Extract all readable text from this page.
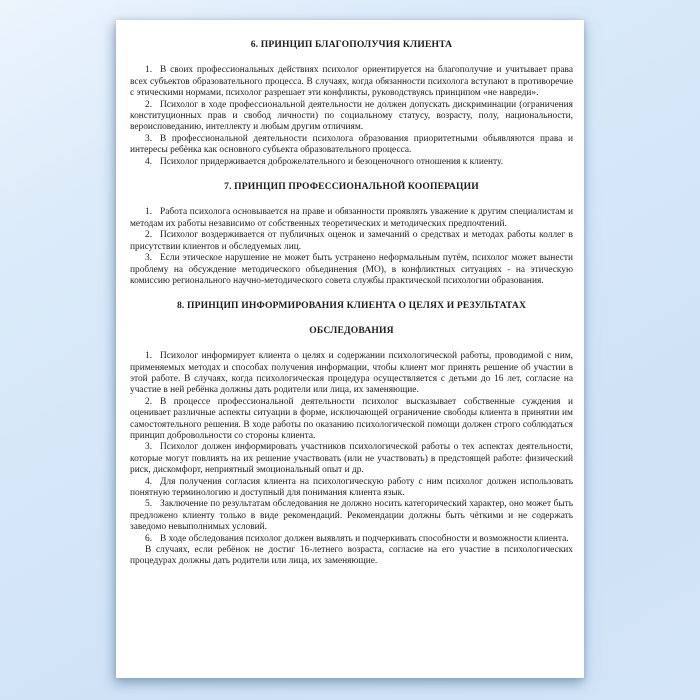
6. ПРИНЦИП БЛАГОПОЛУЧИЯ КЛИЕНТА

1. В своих профессиональных действиях психолог ориентируется на благополучие и учитывает права всех субъектов образовательного процесса. В случаях, когда обязанности психолога вступают в противоречие с этическими нормами, психолог разрешает эти конфликты, руководствуясь принципом «не навреди».

2. Психолог в ходе профессиональной деятельности не должен допускать дискриминации (ограничения конституционных прав и свобод личности) по социальному статусу, возрасту, полу, национальности, вероисповеданию, интеллекту и любым другим отличиям.

3. В профессиональной деятельности психолога образования приоритетными объявляются права и интересы ребёнка как основного субъекта образовательного процесса.

4. Психолог придерживается доброжелательного и безоценочного отношения к клиенту.

7. ПРИНЦИП ПРОФЕССИОНАЛЬНОЙ КООПЕРАЦИИ

1. Работа психолога основывается на праве и обязанности проявлять уважение к другим специалистам и методам их работы независимо от собственных теоретических и методических предпочтений.

2. Психолог воздерживается от публичных оценок и замечаний о средствах и методах работы коллег в присутствии клиентов и обследуемых лиц.

3. Если этическое нарушение не может быть устранено неформальным путём, психолог может вынести проблему на обсуждение методического объединения (МО), в конфликтных ситуациях - на этическую комиссию регионального научно-методического совета службы практической психологии образования.

8. ПРИНЦИП ИНФОРМИРОВАНИЯ КЛИЕНТА О ЦЕЛЯХ И РЕЗУЛЬТАТАХ
ОБСЛЕДОВАНИЯ

1. Психолог информирует клиента о целях и содержании психологической работы, проводимой с ним, применяемых методах и способах получения информации, чтобы клиент мог принять решение об участии в этой работе. В случаях, когда психологическая процедура осуществляется с детьми до 16 лет, согласие на участие в ней ребёнка должны дать родители или лица, их заменяющие.

2. В процессе профессиональной деятельности психолог высказывает собственные суждения и оценивает различные аспекты ситуации в форме, исключающей ограничение свободы клиента в принятии им самостоятельного решения. В ходе работы по оказанию психологической помощи должен строго соблюдаться принцип добровольности со стороны клиента.

3. Психолог должен информировать участников психологической работы о тех аспектах деятельности, которые могут повлиять на их решение участвовать (или не участвовать) в предстоящей работе: физический риск, дискомфорт, неприятный эмоциональный опыт и др.

4. Для получения согласия клиента на психологическую работу с ним психолог должен использовать понятную терминологию и доступный для понимания клиента язык.

5. Заключение по результатам обследования не должно носить категорический характер, оно может быть предложено клиенту только в виде рекомендаций. Рекомендации должны быть чёткими и не содержать заведомо невыполнимых условий.

6. В ходе обследования психолог должен выявлять и подчеркивать способности и возможности клиента.

В случаях, если ребёнок не достиг 16-летнего возраста, согласие на его участие в психологических процедурах должны дать родители или лица, их заменяющие.
